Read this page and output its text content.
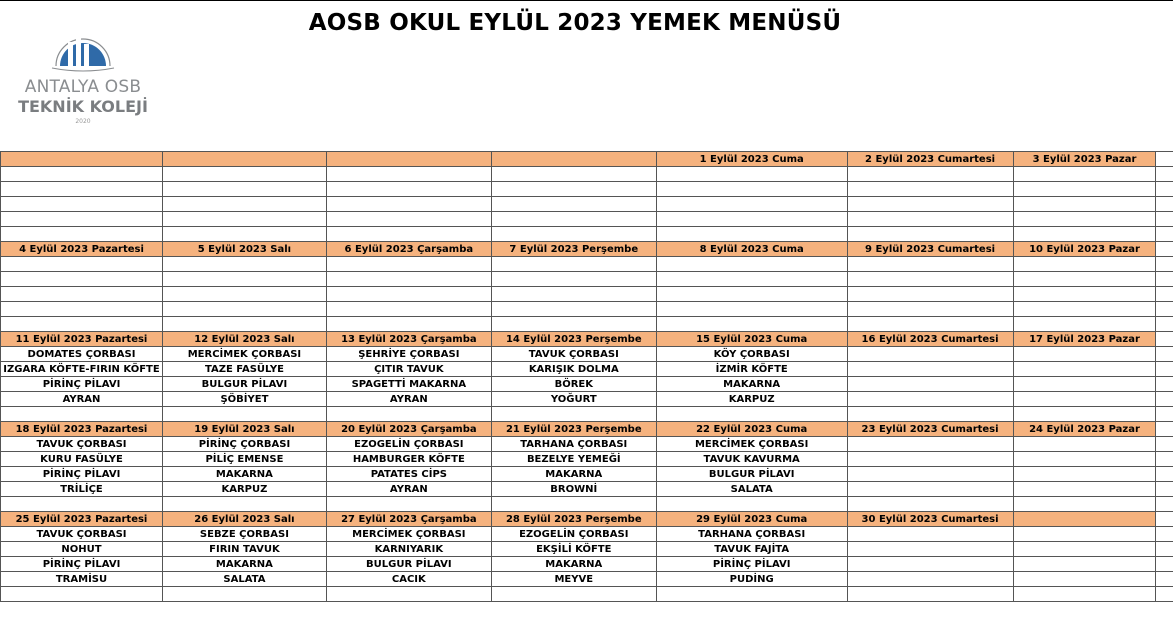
ANTALYA OSB
TEKNİK KOLEJİ
2020
AOSB OKUL EYLÜL 2023 YEMEK MENÜSÜ
				1 Eylül 2023 Cuma	2 Eylül 2023 Cumartesi	3 Eylül 2023 Pazar	

4 Eylül 2023 Pazartesi	5 Eylül 2023 Salı	6 Eylül 2023 Çarşamba	7 Eylül 2023 Perşembe	8 Eylül 2023 Cuma	9 Eylül 2023 Cumartesi	10 Eylül 2023 Pazar	

11 Eylül 2023 Pazartesi	12 Eylül 2023 Salı	13 Eylül 2023 Çarşamba	14 Eylül 2023 Perşembe	15 Eylül 2023 Cuma	16 Eylül 2023 Cumartesi	17 Eylül 2023 Pazar	
DOMATES ÇORBASI	MERCİMEK ÇORBASI	ŞEHRİYE ÇORBASI	TAVUK ÇORBASI	KÖY ÇORBASI			
IZGARA KÖFTE-FIRIN KÖFTE	TAZE FASÜLYE	ÇITIR TAVUK	KARIŞIK DOLMA	İZMİR KÖFTE			
PİRİNÇ PİLAVI	BULGUR PİLAVI	SPAGETTİ MAKARNA	BÖREK	MAKARNA			
AYRAN	ŞÖBİYET	AYRAN	YOĞURT	KARPUZ			

18 Eylül 2023 Pazartesi	19 Eylül 2023 Salı	20 Eylül 2023 Çarşamba	21 Eylül 2023 Perşembe	22 Eylül 2023 Cuma	23 Eylül 2023 Cumartesi	24 Eylül 2023 Pazar	
TAVUK ÇORBASI	PİRİNÇ ÇORBASI	EZOGELİN ÇORBASI	TARHANA ÇORBASI	MERCİMEK ÇORBASI			
KURU FASÜLYE	PİLİÇ EMENSE	HAMBURGER KÖFTE	BEZELYE YEMEĞİ	TAVUK KAVURMA			
PİRİNÇ PİLAVI	MAKARNA	PATATES CİPS	MAKARNA	BULGUR PİLAVI			
TRİLİÇE	KARPUZ	AYRAN	BROWNİ	SALATA			

25 Eylül 2023 Pazartesi	26 Eylül 2023 Salı	27 Eylül 2023 Çarşamba	28 Eylül 2023 Perşembe	29 Eylül 2023 Cuma	30 Eylül 2023 Cumartesi		
TAVUK ÇORBASI	SEBZE ÇORBASI	MERCİMEK ÇORBASI	EZOGELİN ÇORBASI	TARHANA ÇORBASI			
NOHUT	FIRIN TAVUK	KARNIYARIK	EKŞİLİ KÖFTE	TAVUK FAJİTA			
PİRİNÇ PİLAVI	MAKARNA	BULGUR PİLAVI	MAKARNA	PİRİNÇ PİLAVI			
TRAMİSU	SALATA	CACIK	MEYVE	PUDİNG			
